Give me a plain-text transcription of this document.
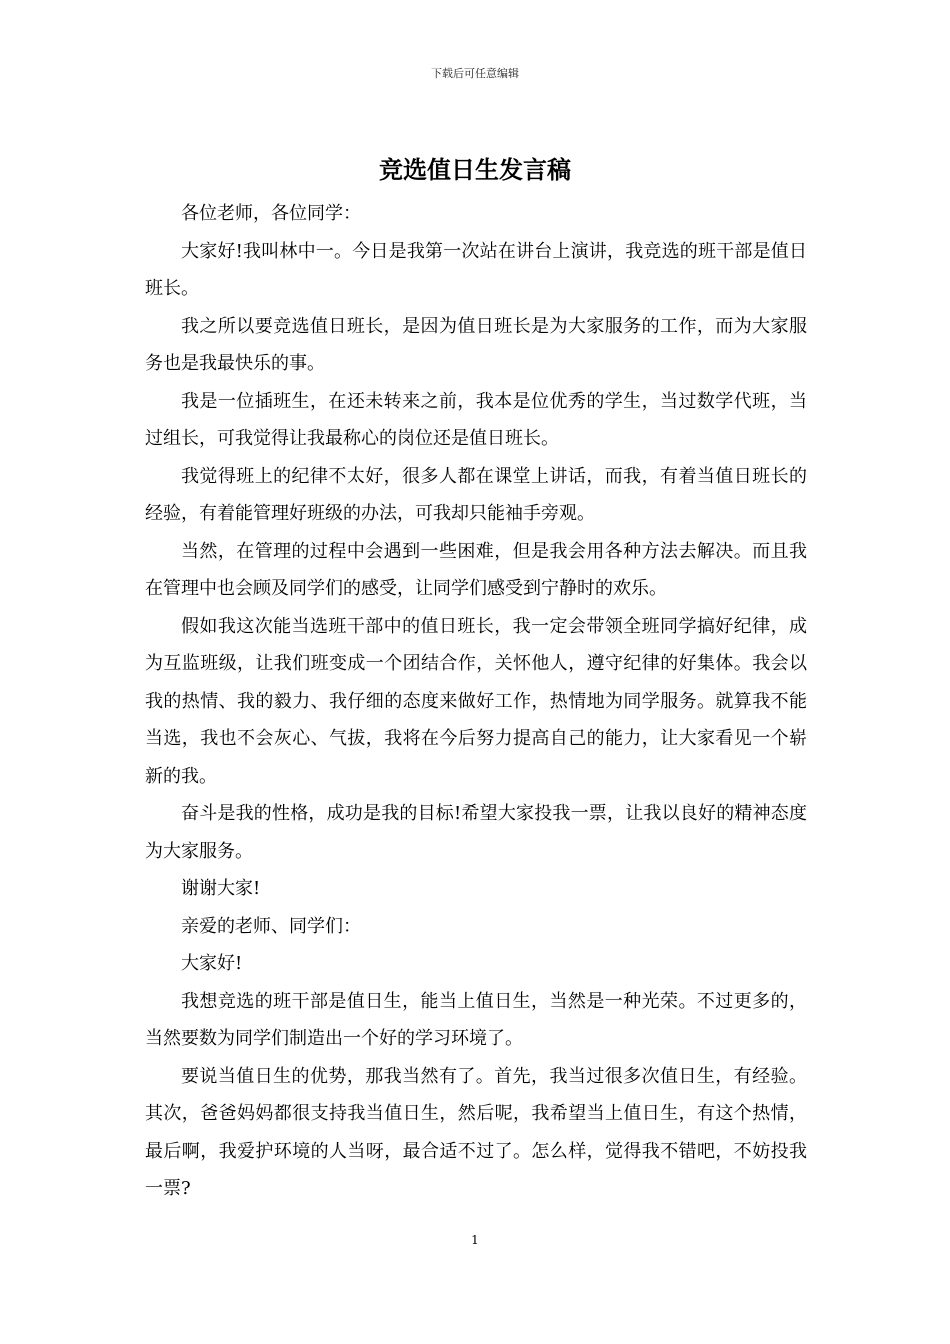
下载后可任意编辑
竞选值日生发言稿

各位老师，各位同学：

大家好!我叫林中一。今日是我第一次站在讲台上演讲，我竞选的班干部是值日班长。

我之所以要竞选值日班长，是因为值日班长是为大家服务的工作，而为大家服务也是我最快乐的事。

我是一位插班生，在还未转来之前，我本是位优秀的学生，当过数学代班，当过组长，可我觉得让我最称心的岗位还是值日班长。

我觉得班上的纪律不太好，很多人都在课堂上讲话，而我，有着当值日班长的经验，有着能管理好班级的办法，可我却只能袖手旁观。

当然，在管理的过程中会遇到一些困难，但是我会用各种方法去解决。而且我在管理中也会顾及同学们的感受，让同学们感受到宁静时的欢乐。

假如我这次能当选班干部中的值日班长，我一定会带领全班同学搞好纪律，成为互监班级，让我们班变成一个团结合作，关怀他人，遵守纪律的好集体。我会以我的热情、我的毅力、我仔细的态度来做好工作，热情地为同学服务。就算我不能当选，我也不会灰心、气拔，我将在今后努力提高自己的能力，让大家看见一个崭新的我。

奋斗是我的性格，成功是我的目标!希望大家投我一票，让我以良好的精神态度为大家服务。

谢谢大家!

亲爱的老师、同学们：

大家好!

我想竞选的班干部是值日生，能当上值日生，当然是一种光荣。不过更多的，当然要数为同学们制造出一个好的学习环境了。

要说当值日生的优势，那我当然有了。首先，我当过很多次值日生，有经验。其次，爸爸妈妈都很支持我当值日生，然后呢，我希望当上值日生，有这个热情，最后啊，我爱护环境的人当呀，最合适不过了。怎么样，觉得我不错吧，不妨投我一票?

1
